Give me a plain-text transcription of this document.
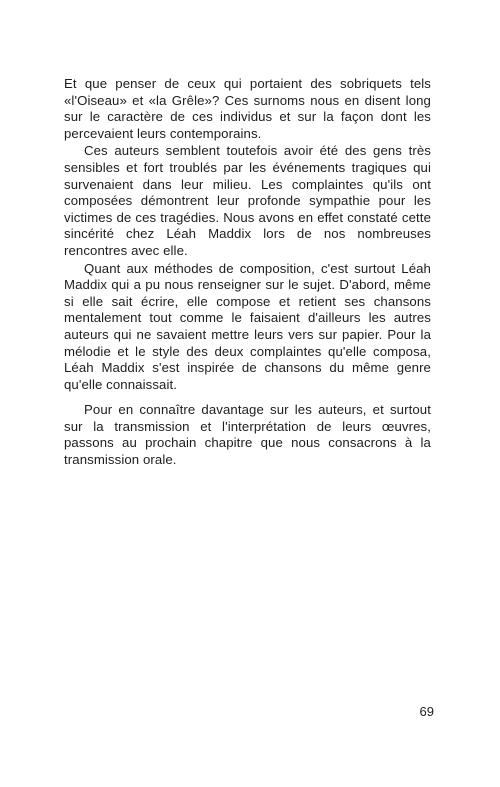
Et que penser de ceux qui portaient des sobriquets tels «l'Oiseau» et «la Grêle»? Ces surnoms nous en disent long sur le caractère de ces individus et sur la façon dont les percevaient leurs contemporains.

Ces auteurs semblent toutefois avoir été des gens très sensibles et fort troublés par les événements tragiques qui survenaient dans leur milieu. Les complaintes qu'ils ont composées démontrent leur profonde sympathie pour les victimes de ces tragédies. Nous avons en effet constaté cette sincérité chez Léah Maddix lors de nos nombreuses rencontres avec elle.

Quant aux méthodes de composition, c'est surtout Léah Maddix qui a pu nous renseigner sur le sujet. D'abord, même si elle sait écrire, elle compose et retient ses chansons mentalement tout comme le faisaient d'ailleurs les autres auteurs qui ne savaient mettre leurs vers sur papier. Pour la mélodie et le style des deux complaintes qu'elle composa, Léah Maddix s'est inspirée de chansons du même genre qu'elle connaissait.

Pour en connaître davantage sur les auteurs, et surtout sur la transmission et l'interprétation de leurs œuvres, passons au prochain chapitre que nous consacrons à la transmission orale.

69
